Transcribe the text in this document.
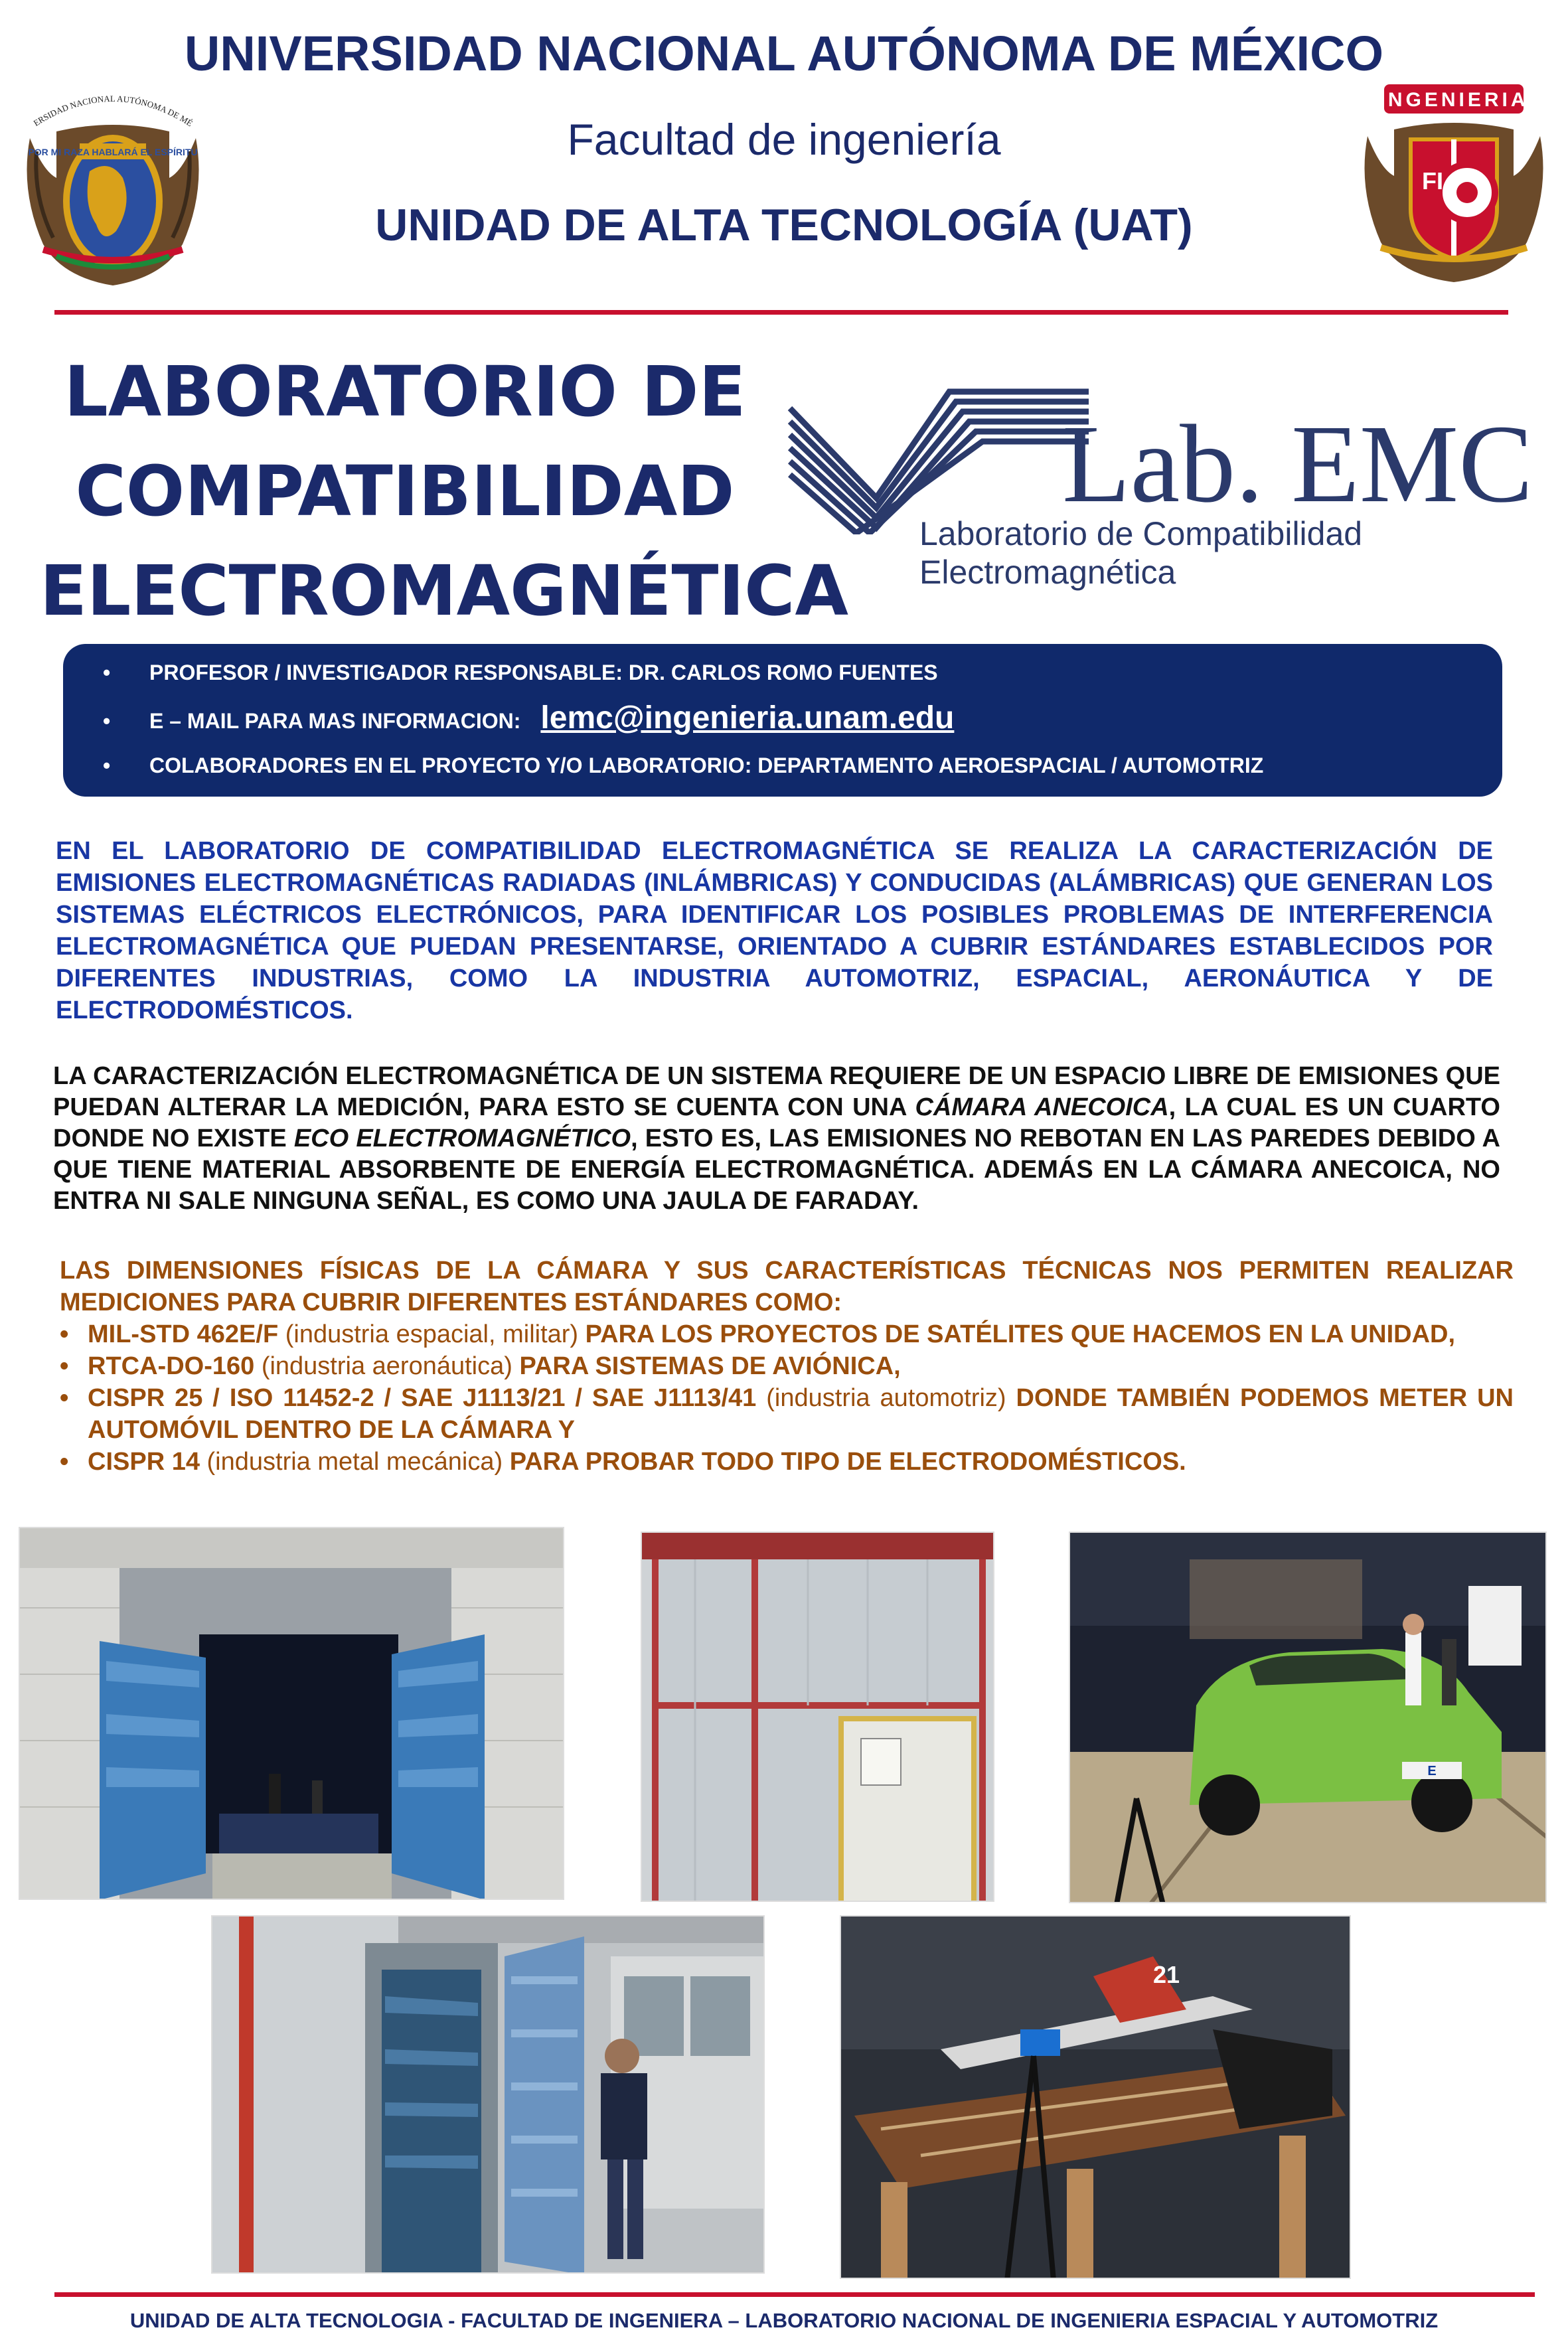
UNIVERSIDAD NACIONAL AUTÓNOMA DE MÉXICO
Facultad de ingeniería
UNIDAD DE ALTA TECNOLOGÍA (UAT)
POR MI RAZA HABLARÁ EL ESPÍRITU
ERSIDAD NACIONAL AUTÓNOMA DE MÉ
INGENIERIA
FI
LABORATORIO DE
COMPATIBILIDAD
ELECTROMAGNÉTICA
Lab. EMC
Laboratorio de Compatibilidad Electromagnética
• PROFESOR / INVESTIGADOR RESPONSABLE: DR. CARLOS ROMO FUENTES
• E – MAIL PARA MAS INFORMACION: lemc@ingenieria.unam.edu
• COLABORADORES EN EL PROYECTO Y/O LABORATORIO: DEPARTAMENTO AEROESPACIAL / AUTOMOTRIZ
EN EL LABORATORIO DE COMPATIBILIDAD ELECTROMAGNÉTICA SE REALIZA LA CARACTERIZACIÓN DE EMISIONES ELECTROMAGNÉTICAS RADIADAS (INLÁMBRICAS) Y CONDUCIDAS (ALÁMBRICAS) QUE GENERAN LOS SISTEMAS ELÉCTRICOS ELECTRÓNICOS, PARA IDENTIFICAR LOS POSIBLES PROBLEMAS DE INTERFERENCIA ELECTROMAGNÉTICA QUE PUEDAN PRESENTARSE, ORIENTADO A CUBRIR ESTÁNDARES ESTABLECIDOS POR DIFERENTES INDUSTRIAS, COMO LA INDUSTRIA AUTOMOTRIZ, ESPACIAL, AERONÁUTICA Y DE ELECTRODOMÉSTICOS.
LA CARACTERIZACIÓN ELECTROMAGNÉTICA DE UN SISTEMA REQUIERE DE UN ESPACIO LIBRE DE EMISIONES QUE PUEDAN ALTERAR LA MEDICIÓN, PARA ESTO SE CUENTA CON UNA CÁMARA ANECOICA, LA CUAL ES UN CUARTO DONDE NO EXISTE ECO ELECTROMAGNÉTICO, ESTO ES, LAS EMISIONES NO REBOTAN EN LAS PAREDES DEBIDO A QUE TIENE MATERIAL ABSORBENTE DE ENERGÍA ELECTROMAGNÉTICA. ADEMÁS EN LA CÁMARA ANECOICA, NO ENTRA NI SALE NINGUNA SEÑAL, ES COMO UNA JAULA DE FARADAY.
LAS DIMENSIONES FÍSICAS DE LA CÁMARA Y SUS CARACTERÍSTICAS TÉCNICAS NOS PERMITEN REALIZAR MEDICIONES PARA CUBRIR DIFERENTES ESTÁNDARES COMO:
• MIL-STD 462E/F (industria espacial, militar) PARA LOS PROYECTOS DE SATÉLITES QUE HACEMOS EN LA UNIDAD,
• RTCA-DO-160 (industria aeronáutica) PARA SISTEMAS DE AVIÓNICA,
• CISPR 25 / ISO 11452-2 / SAE J1113/21 / SAE J1113/41 (industria automotriz) DONDE TAMBIÉN PODEMOS METER UN AUTOMÓVIL DENTRO DE LA CÁMARA Y
• CISPR 14 (industria metal mecánica) PARA PROBAR TODO TIPO DE ELECTRODOMÉSTICOS.
E
21
UNIDAD DE ALTA TECNOLOGIA - FACULTAD DE INGENIERA – LABORATORIO NACIONAL DE INGENIERIA ESPACIAL Y AUTOMOTRIZ
